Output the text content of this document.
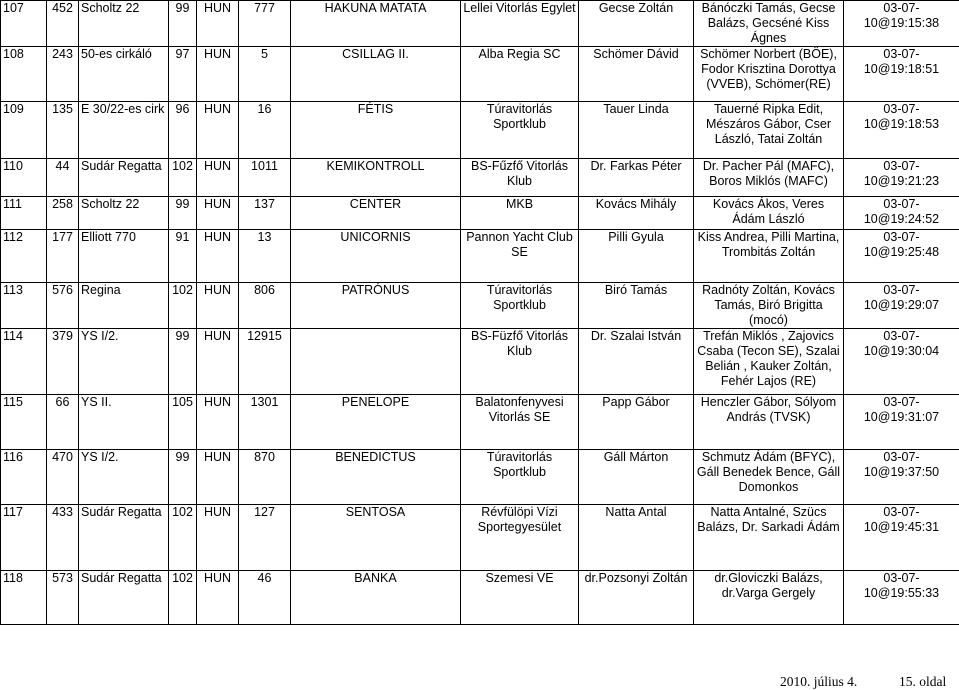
107	452	Scholtz 22	99	HUN	777	HAKUNA MATATA	Lellei Vitorlás Egylet	Gecse Zoltán	Bánóczki Tamás, Gecse Balázs, Gecséné Kiss Ágnes	03-07-10@19:15:38
108	243	50-es cirkáló	97	HUN	5	CSILLAG II.	Alba Regia SC	Schömer Dávid	Schömer Norbert (BÖE), Fodor Krisztina Dorottya (VVEB), Schömer(RE)	03-07-10@19:18:51
109	135	E 30/22-es cirk	96	HUN	16	FÉTIS	Túravitorlás Sportklub	Tauer Linda	Tauerné Ripka Edit, Mészáros Gábor, Cser László, Tatai Zoltán	03-07-10@19:18:53
110	44	Sudár Regatta	102	HUN	1011	KEMIKONTROLL	BS-Fűzfő Vitorlás Klub	Dr. Farkas Péter	Dr. Pacher Pál (MAFC), Boros Miklós (MAFC)	03-07-10@19:21:23
111	258	Scholtz 22	99	HUN	137	CENTER	MKB	Kovács Mihály	Kovács Ákos, Veres Ádám László	03-07-10@19:24:52
112	177	Elliott 770	91	HUN	13	UNICORNIS	Pannon Yacht Club SE	Pilli Gyula	Kiss Andrea, Pilli Martina, Trombitás Zoltán	03-07-10@19:25:48
113	576	Regina	102	HUN	806	PATRÓNUS	Túravitorlás Sportklub	Biró Tamás	Radnóty Zoltán, Kovács Tamás, Biró Brigitta (mocó)	03-07-10@19:29:07
114	379	YS I/2.	99	HUN	12915		BS-Füzfő Vitorlás Klub	Dr. Szalai István	Trefán Miklós , Zajovics Csaba (Tecon SE), Szalai Belián , Kauker Zoltán, Fehér Lajos (RE)	03-07-10@19:30:04
115	66	YS II.	105	HUN	1301	PENELOPE	Balatonfenyvesi Vitorlás SE	Papp Gábor	Henczler Gábor, Sólyom András (TVSK)	03-07-10@19:31:07
116	470	YS I/2.	99	HUN	870	BENEDICTUS	Túravitorlás Sportklub	Gáll Márton	Schmutz Ádám (BFYC), Gáll Benedek Bence, Gáll Domonkos	03-07-10@19:37:50
117	433	Sudár Regatta	102	HUN	127	SENTOSA	Révfülöpi Vízi Sportegyesület	Natta Antal	Natta Antalné, Szücs Balázs, Dr. Sarkadi Ádám	03-07-10@19:45:31
118	573	Sudár Regatta	102	HUN	46	BANKA	Szemesi VE	dr.Pozsonyi Zoltán	dr.Gloviczki Balázs, dr.Varga Gergely	03-07-10@19:55:33
2010. július 4.	15. oldal
